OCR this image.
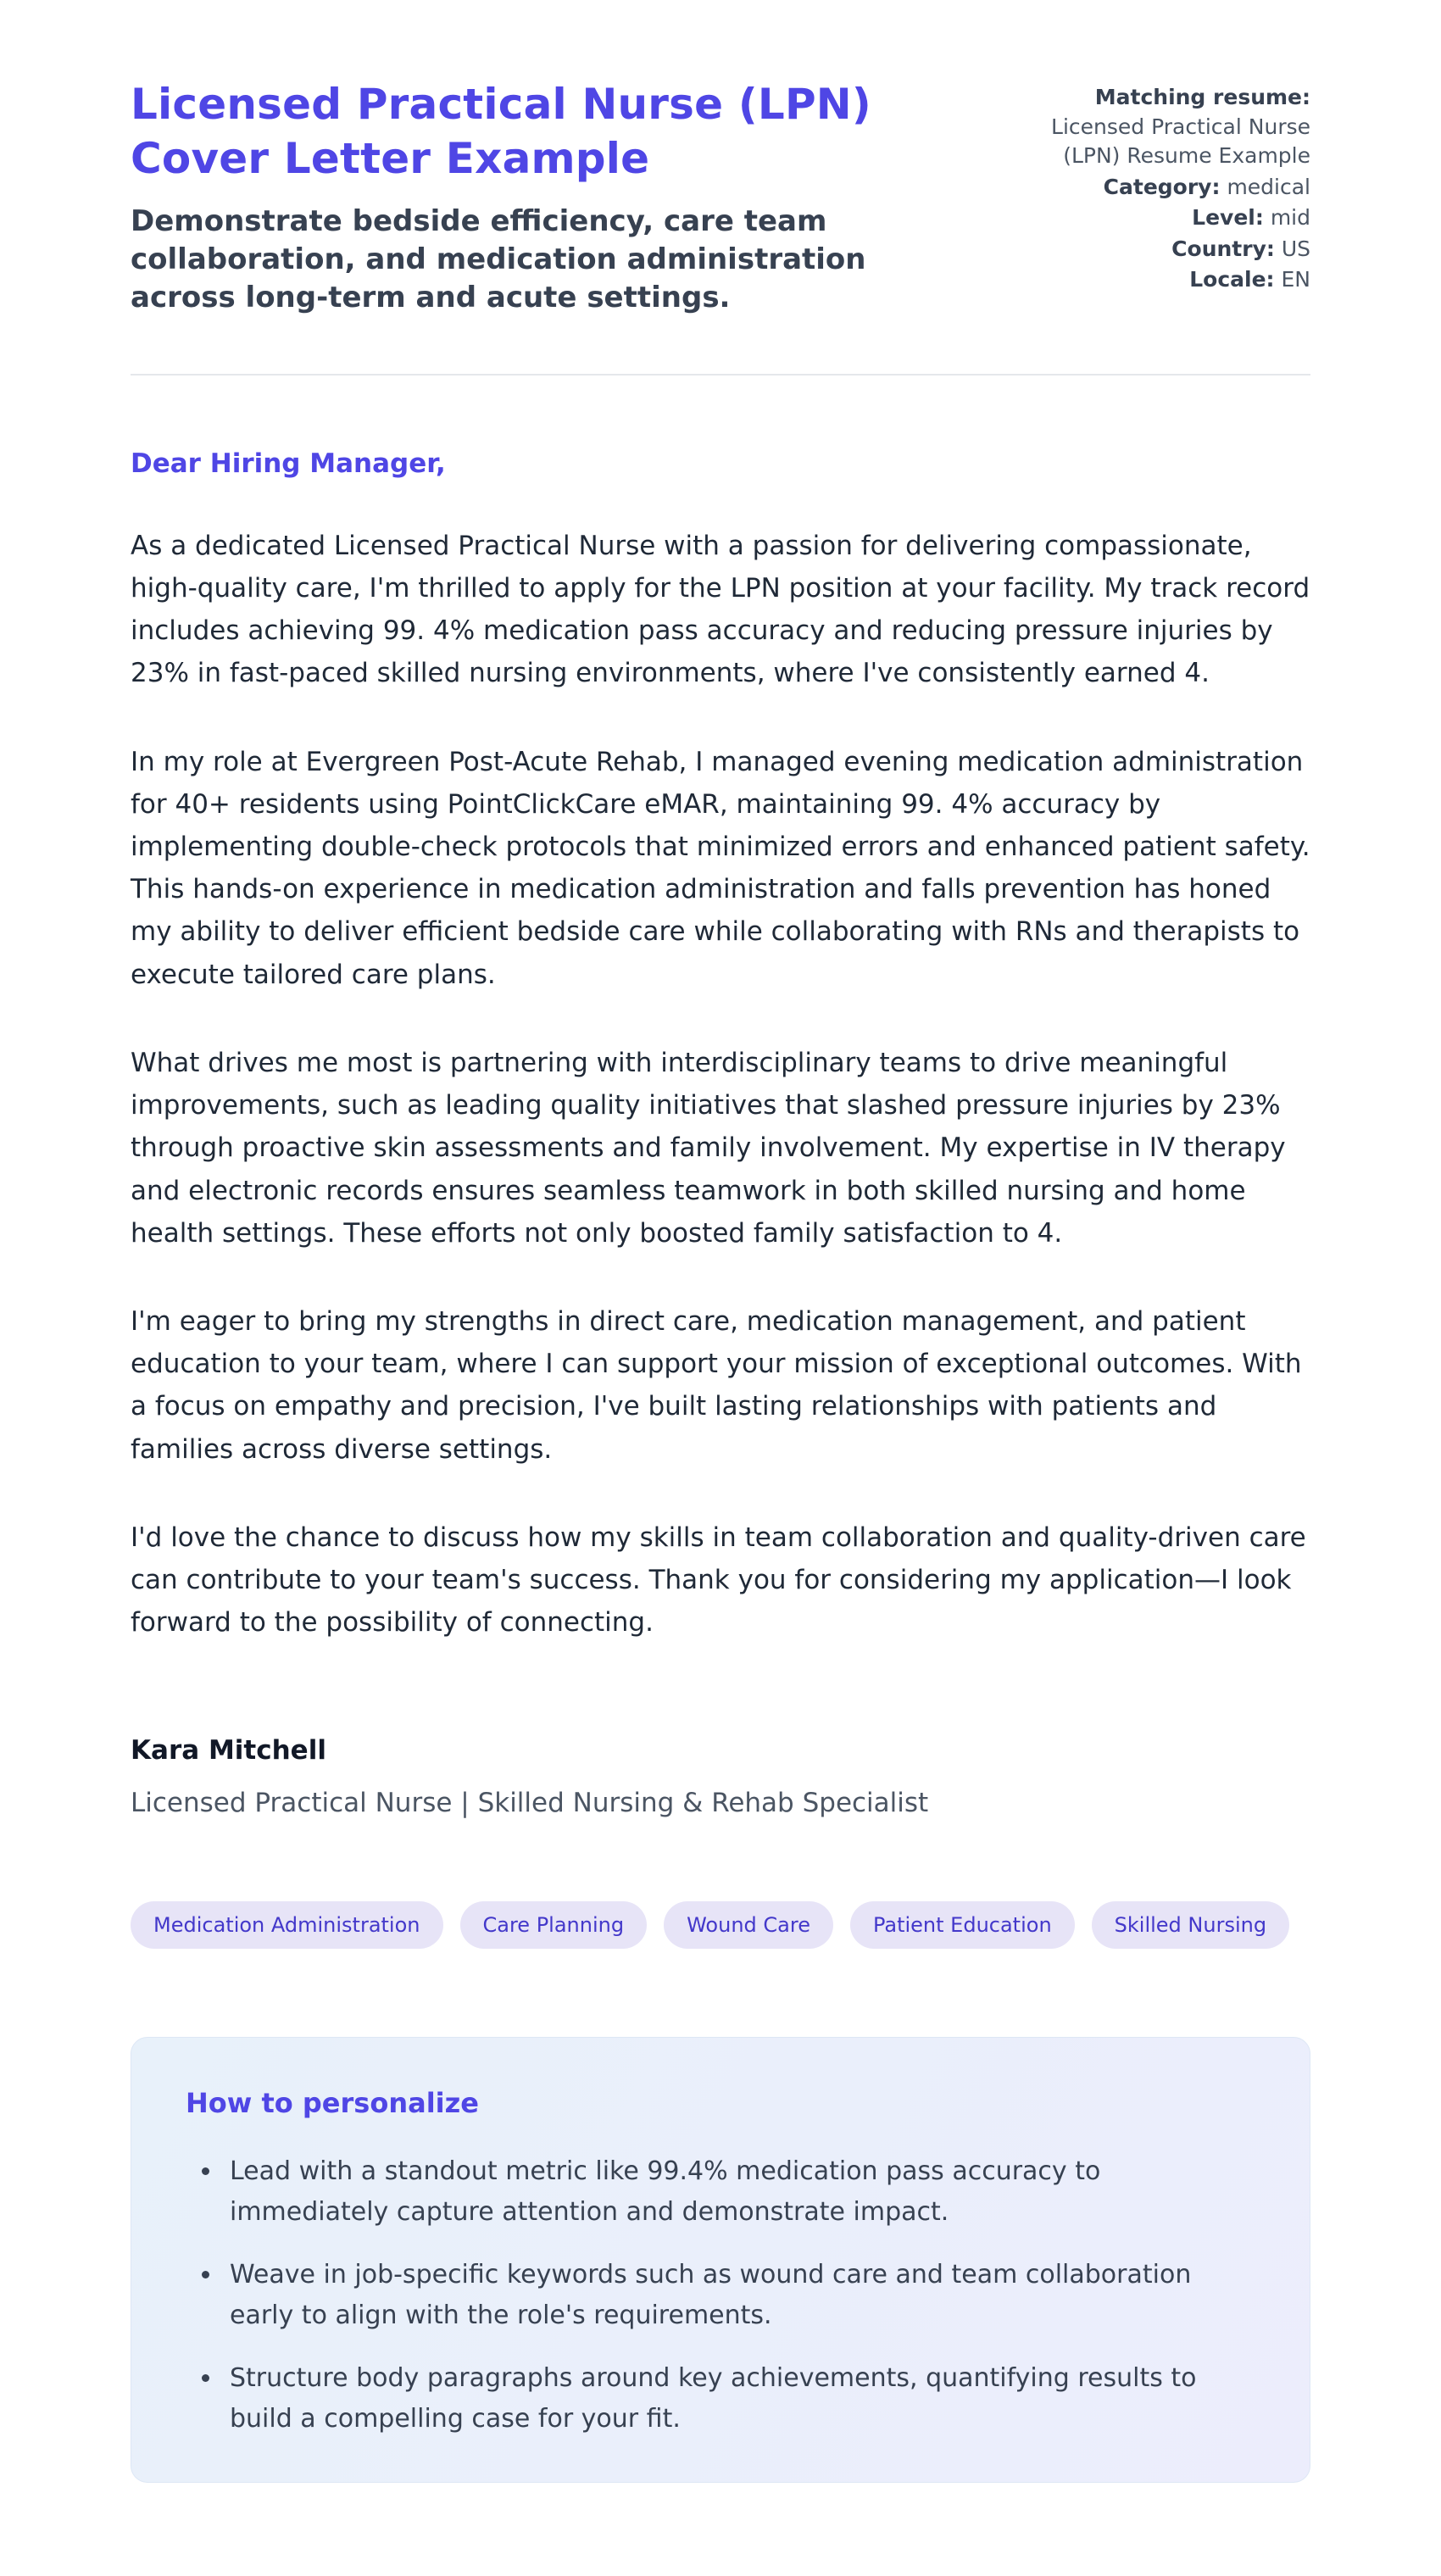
Licensed Practical Nurse (LPN) Cover Letter Example

Demonstrate bedside efficiency, care team collaboration, and medication administration across long-term and acute settings.

Matching resume:
Licensed Practical Nurse (LPN) Resume Example
Category: medical
Level: mid
Country: US
Locale: EN

Dear Hiring Manager,

As a dedicated Licensed Practical Nurse with a passion for delivering compassionate, high-quality care, I'm thrilled to apply for the LPN position at your facility. My track record includes achieving 99. 4% medication pass accuracy and reducing pressure injuries by 23% in fast-paced skilled nursing environments, where I've consistently earned 4.

In my role at Evergreen Post-Acute Rehab, I managed evening medication administration for 40+ residents using PointClickCare eMAR, maintaining 99. 4% accuracy by implementing double-check protocols that minimized errors and enhanced patient safety. This hands-on experience in medication administration and falls prevention has honed my ability to deliver efficient bedside care while collaborating with RNs and therapists to execute tailored care plans.

What drives me most is partnering with interdisciplinary teams to drive meaningful improvements, such as leading quality initiatives that slashed pressure injuries by 23% through proactive skin assessments and family involvement. My expertise in IV therapy and electronic records ensures seamless teamwork in both skilled nursing and home health settings. These efforts not only boosted family satisfaction to 4.

I'm eager to bring my strengths in direct care, medication management, and patient education to your team, where I can support your mission of exceptional outcomes. With a focus on empathy and precision, I've built lasting relationships with patients and families across diverse settings.

I'd love the chance to discuss how my skills in team collaboration and quality-driven care can contribute to your team's success. Thank you for considering my application—I look forward to the possibility of connecting.

Kara Mitchell

Licensed Practical Nurse | Skilled Nursing & Rehab Specialist

Medication Administration	Care Planning	Wound Care	Patient Education	Skilled Nursing
How to personalize
• Lead with a standout metric like 99.4% medication pass accuracy to immediately capture attention and demonstrate impact.
• Weave in job-specific keywords such as wound care and team collaboration early to align with the role's requirements.
• Structure body paragraphs around key achievements, quantifying results to build a compelling case for your fit.
